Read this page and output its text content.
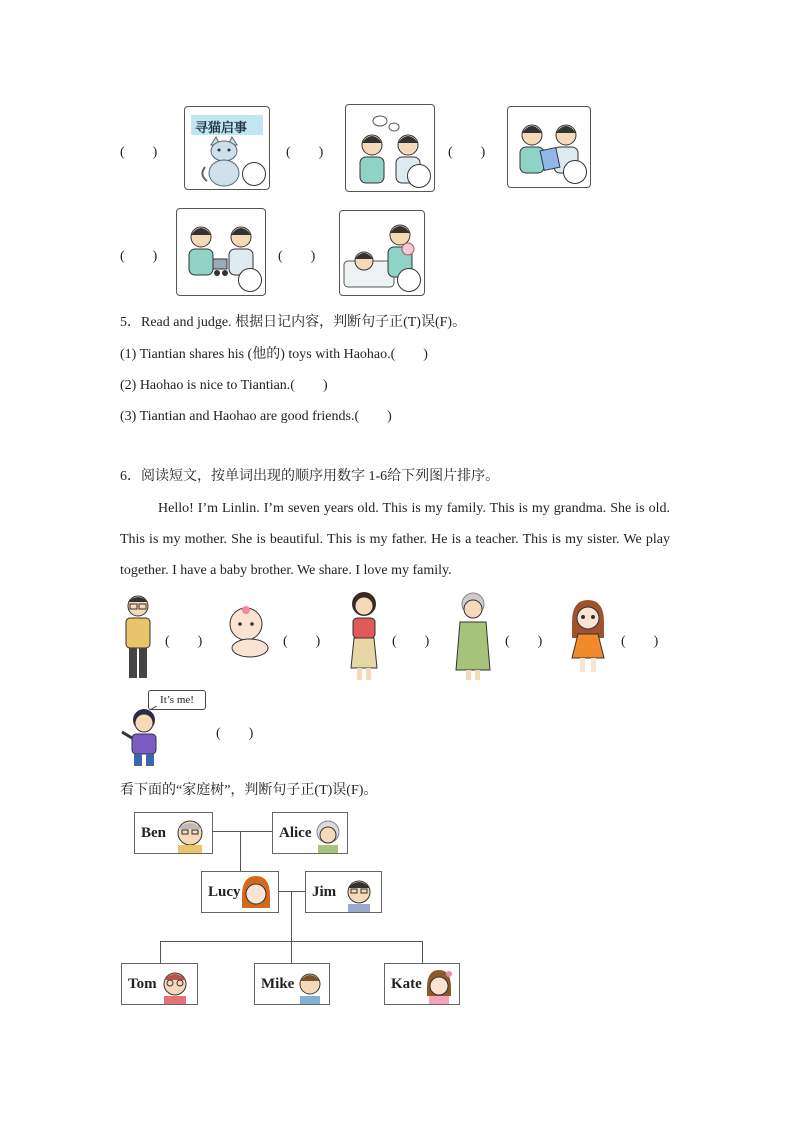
(　　)
寻猫启事
(　　)	(　　)
(　　)	(　　)
5．Read and judge. 根据日记内容，判断句子正(T)误(F)。
(1) Tiantian shares his (他的) toys with Haohao.(　　)
(2) Haohao is nice to Tiantian.(　　)
(3) Tiantian and Haohao are good friends.(　　)
6．阅读短文，按单词出现的顺序用数字 1-6给下列图片排序。
Hello! I’m Linlin. I’m seven years old. This is my family. This is my grandma. She is old. This is my mother. She is beautiful. This is my father. He is a teacher. This is my sister. We play together. I have a baby brother. We share. I love my family.
(　　)	(　　)	(　　)	(　　)	(　　)
It’s me!
(　　)
看下面的“家庭树”，判断句子正(T)误(F)。
Ben	Alice
Lucy	Jim
Tom	Mike	Kate
